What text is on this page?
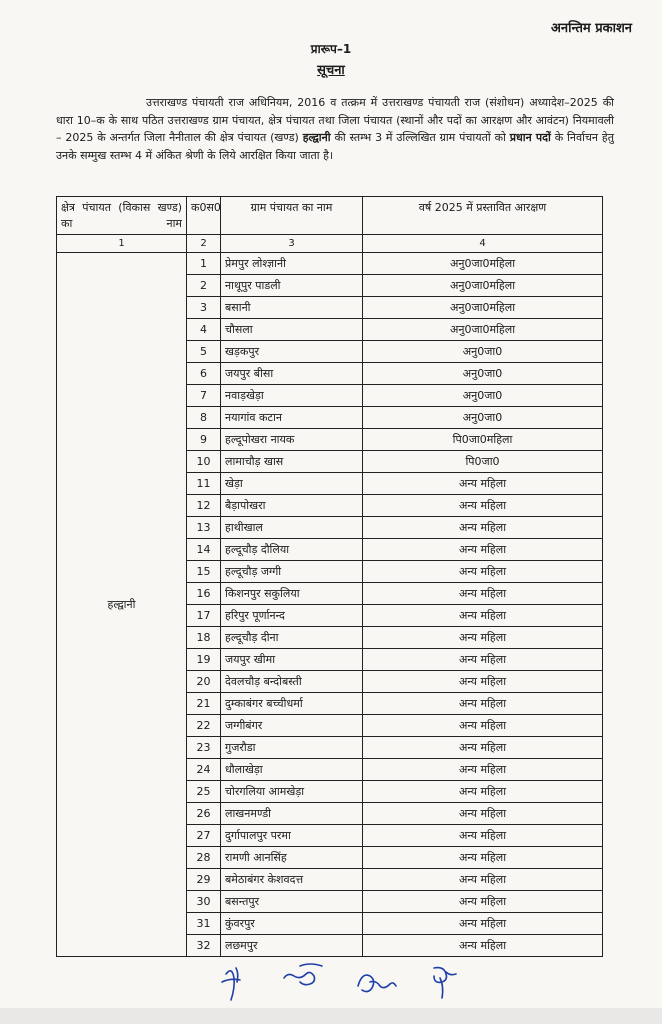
अनन्तिम प्रकाशन
प्रारूप–1
सूचना

उत्तराखण्ड पंचायती राज अधिनियम, 2016 व तत्क्रम में उत्तराखण्ड पंचायती राज (संशोधन) अध्यादेश–2025 की धारा 10–क के साथ पठित उत्तराखण्ड ग्राम पंचायत, क्षेत्र पंचायत तथा जिला पंचायत (स्थानों और पदों का आरक्षण और आवंटन) नियमावली – 2025 के अन्तर्गत जिला नैनीताल की क्षेत्र पंचायत (खण्ड) हल्द्वानी की स्तम्भ 3 में उल्लिखित ग्राम पंचायतों को प्रधान पदों के निर्वाचन हेतु उनके सम्मुख स्तम्भ 4 में अंकित श्रेणी के लिये आरक्षित किया जाता है।

क्षेत्र पंचायत (विकास खण्ड) का नाम	क0स0	ग्राम पंचायत का नाम	वर्ष 2025 में प्रस्तावित आरक्षण
1	2	3	4
हल्द्वानी	1	प्रेमपुर लोश्ज्ञानी	अनु0जा0महिला
	2	नाथूपुर पाडली	अनु0जा0महिला
	3	बसानी	अनु0जा0महिला
	4	चौसला	अनु0जा0महिला
	5	खड़कपुर	अनु0जा0
	6	जयपुर बीसा	अनु0जा0
	7	नवाड़खेड़ा	अनु0जा0
	8	नयागांव कटान	अनु0जा0
	9	हल्दूपोखरा नायक	पि0जा0महिला
	10	लामाचौड़ खास	पि0जा0
	11	खेड़ा	अन्य महिला
	12	बैड़ापोखरा	अन्य महिला
	13	हाथीखाल	अन्य महिला
	14	हल्दूचौड़ दौलिया	अन्य महिला
	15	हल्दूचौड़ जग्गी	अन्य महिला
	16	किशनपुर सकुलिया	अन्य महिला
	17	हरिपुर पूर्णानन्द	अन्य महिला
	18	हल्दूचौड़ दीना	अन्य महिला
	19	जयपुर खीमा	अन्य महिला
	20	देवलचौड़ बन्दोबस्ती	अन्य महिला
	21	दुम्काबंगर बच्चीधर्मा	अन्य महिला
	22	जग्गीबंगर	अन्य महिला
	23	गुजरौडा	अन्य महिला
	24	धौलाखेड़ा	अन्य महिला
	25	चोरगलिया आमखेड़ा	अन्य महिला
	26	लाखनमण्डी	अन्य महिला
	27	दुर्गापालपुर परमा	अन्य महिला
	28	रामणी आनसिंह	अन्य महिला
	29	बमेठाबंगर केशवदत्त	अन्य महिला
	30	बसन्तपुर	अन्य महिला
	31	कुंवरपुर	अन्य महिला
	32	लछमपुर	अन्य महिला
